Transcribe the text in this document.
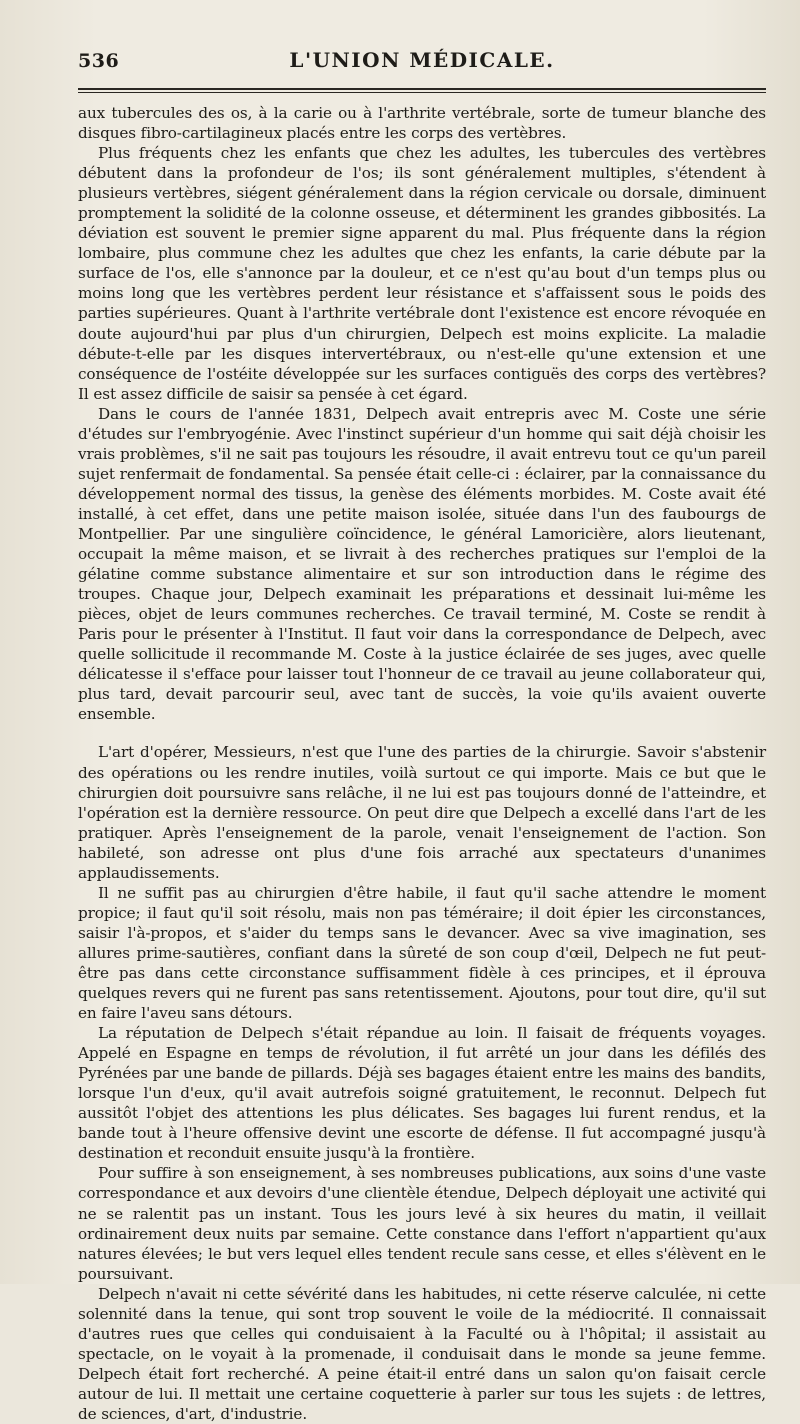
536	L'UNION MÉDICALE.

aux tubercules des os, à la carie ou à l'arthrite vertébrale, sorte de tumeur blanche des disques fibro-cartilagineux placés entre les corps des vertèbres.

Plus fréquents chez les enfants que chez les adultes, les tubercules des vertèbres débutent dans la profondeur de l'os; ils sont généralement multiples, s'étendent à plusieurs vertèbres, siégent généralement dans la région cervicale ou dorsale, diminuent promptement la solidité de la colonne osseuse, et déterminent les grandes gibbosités. La déviation est souvent le premier signe apparent du mal. Plus fréquente dans la région lombaire, plus commune chez les adultes que chez les enfants, la carie débute par la surface de l'os, elle s'annonce par la douleur, et ce n'est qu'au bout d'un temps plus ou moins long que les vertèbres perdent leur résistance et s'affaissent sous le poids des parties supérieures. Quant à l'arthrite vertébrale dont l'existence est encore révoquée en doute aujourd'hui par plus d'un chirurgien, Delpech est moins explicite. La maladie débute-t-elle par les disques intervertébraux, ou n'est-elle qu'une extension et une conséquence de l'ostéite développée sur les surfaces contiguës des corps des vertèbres? Il est assez difficile de saisir sa pensée à cet égard.

Dans le cours de l'année 1831, Delpech avait entrepris avec M. Coste une série d'études sur l'embryogénie. Avec l'instinct supérieur d'un homme qui sait déjà choisir les vrais problèmes, s'il ne sait pas toujours les résoudre, il avait entrevu tout ce qu'un pareil sujet renfermait de fondamental. Sa pensée était celle-ci : éclairer, par la connaissance du développement normal des tissus, la genèse des éléments morbides. M. Coste avait été installé, à cet effet, dans une petite maison isolée, située dans l'un des faubourgs de Montpellier. Par une singulière coïncidence, le général Lamoricière, alors lieutenant, occupait la même maison, et se livrait à des recherches pratiques sur l'emploi de la gélatine comme substance alimentaire et sur son introduction dans le régime des troupes. Chaque jour, Delpech examinait les préparations et dessinait lui-même les pièces, objet de leurs communes recherches. Ce travail terminé, M. Coste se rendit à Paris pour le présenter à l'Institut. Il faut voir dans la correspondance de Delpech, avec quelle sollicitude il recommande M. Coste à la justice éclairée de ses juges, avec quelle délicatesse il s'efface pour laisser tout l'honneur de ce travail au jeune collaborateur qui, plus tard, devait parcourir seul, avec tant de succès, la voie qu'ils avaient ouverte ensemble.

L'art d'opérer, Messieurs, n'est que l'une des parties de la chirurgie. Savoir s'abstenir des opérations ou les rendre inutiles, voilà surtout ce qui importe. Mais ce but que le chirurgien doit poursuivre sans relâche, il ne lui est pas toujours donné de l'atteindre, et l'opération est la dernière ressource. On peut dire que Delpech a excellé dans l'art de les pratiquer. Après l'enseignement de la parole, venait l'enseignement de l'action. Son habileté, son adresse ont plus d'une fois arraché aux spectateurs d'unanimes applaudissements.

Il ne suffit pas au chirurgien d'être habile, il faut qu'il sache attendre le moment propice; il faut qu'il soit résolu, mais non pas téméraire; il doit épier les circonstances, saisir l'à-propos, et s'aider du temps sans le devancer. Avec sa vive imagination, ses allures prime-sautières, confiant dans la sûreté de son coup d'œil, Delpech ne fut peut-être pas dans cette circonstance suffisamment fidèle à ces principes, et il éprouva quelques revers qui ne furent pas sans retentissement. Ajoutons, pour tout dire, qu'il sut en faire l'aveu sans détours.

La réputation de Delpech s'était répandue au loin. Il faisait de fréquents voyages. Appelé en Espagne en temps de révolution, il fut arrêté un jour dans les défilés des Pyrénées par une bande de pillards. Déjà ses bagages étaient entre les mains des bandits, lorsque l'un d'eux, qu'il avait autrefois soigné gratuitement, le reconnut. Delpech fut aussitôt l'objet des attentions les plus délicates. Ses bagages lui furent rendus, et la bande tout à l'heure offensive devint une escorte de défense. Il fut accompagné jusqu'à destination et reconduit ensuite jusqu'à la frontière.

Pour suffire à son enseignement, à ses nombreuses publications, aux soins d'une vaste correspondance et aux devoirs d'une clientèle étendue, Delpech déployait une activité qui ne se ralentit pas un instant. Tous les jours levé à six heures du matin, il veillait ordinairement deux nuits par semaine. Cette constance dans l'effort n'appartient qu'aux natures élevées; le but vers lequel elles tendent recule sans cesse, et elles s'élèvent en le poursuivant.

Delpech n'avait ni cette sévérité dans les habitudes, ni cette réserve calculée, ni cette solennité dans la tenue, qui sont trop souvent le voile de la médiocrité. Il connaissait d'autres rues que celles qui conduisaient à la Faculté ou à l'hôpital; il assistait au spectacle, on le voyait à la promenade, il conduisait dans le monde sa jeune femme. Delpech était fort recherché. A peine était-il entré dans un salon qu'on faisait cercle autour de lui. Il mettait une certaine coquetterie à parler sur tous les sujets : de lettres, de sciences, d'art, d'industrie.
